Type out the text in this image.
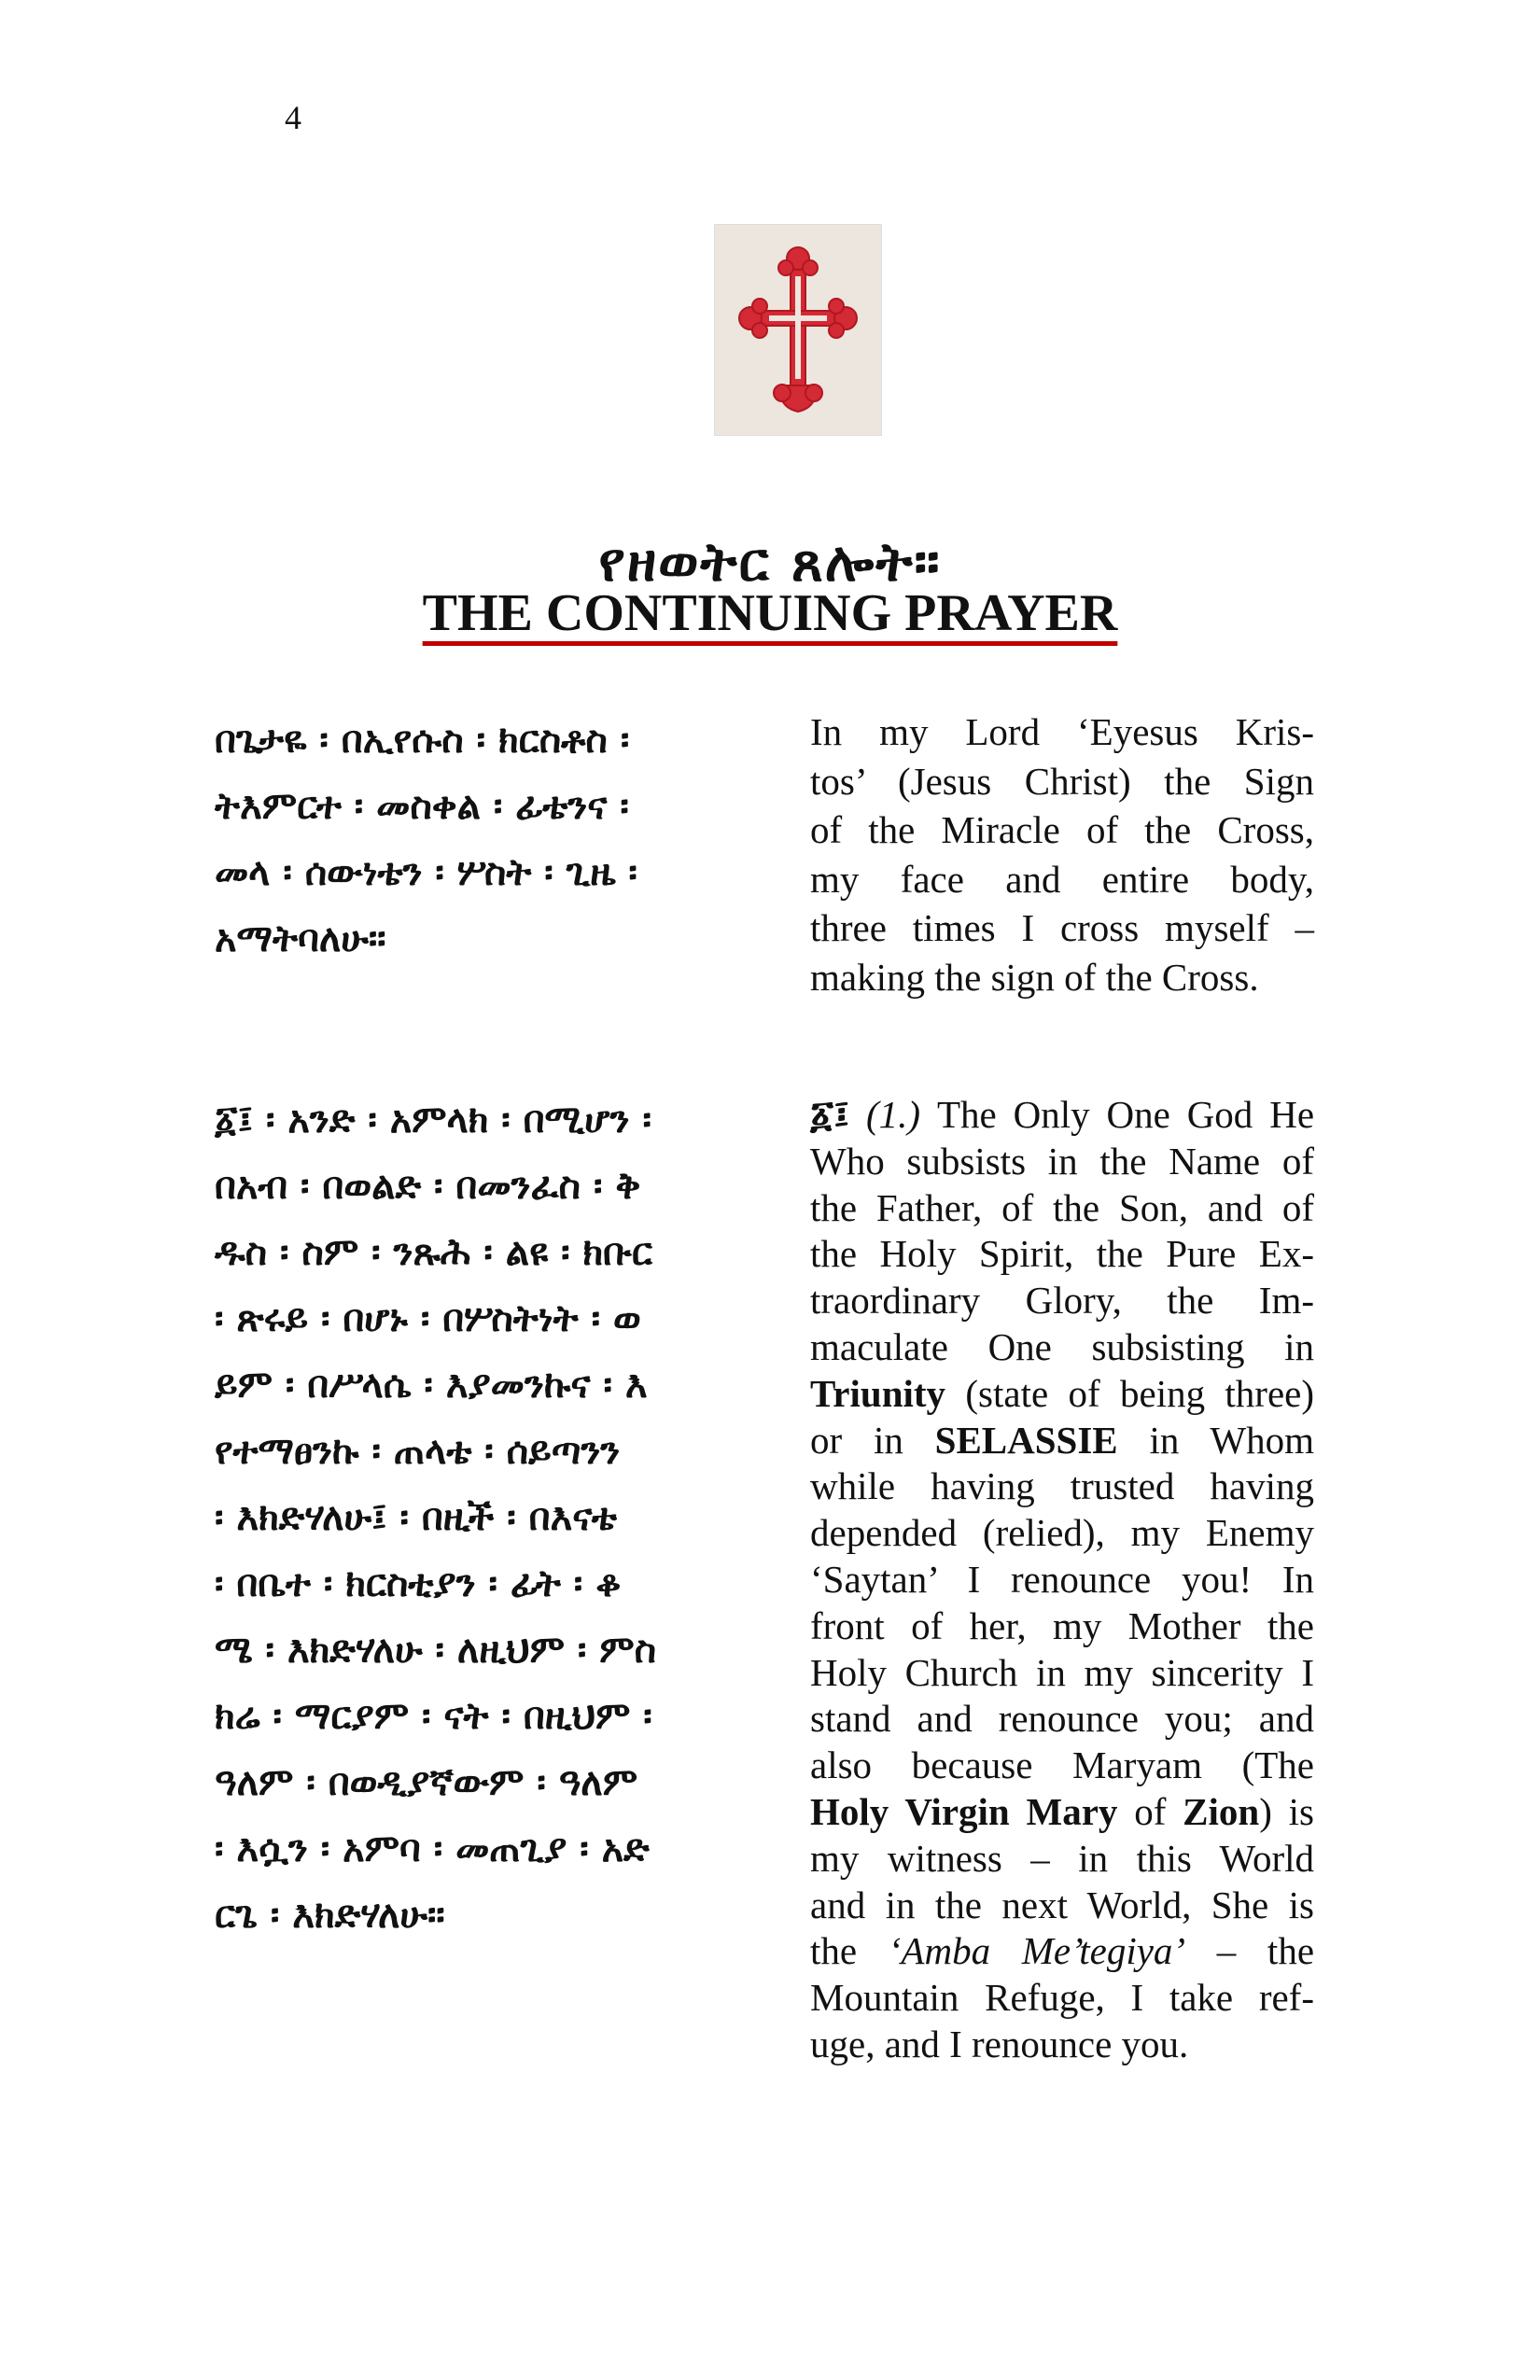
4
የዘወትር ጸሎት።
THE CONTINUING PRAYER
በጌታዬ ፡ በኢየሱስ ፡ ክርስቶስ ፡
ትእምርተ ፡ መስቀል ፡ ፊቴንና ፡
መላ ፡ ሰውነቴን ፡ ሦስት ፡ ጊዜ ፡
አማትባለሁ።
In my Lord ‘Eyesus Kris-
tos’ (Jesus Christ) the Sign
of the Miracle of the Cross,
my face and entire body,
three times I cross myself –
making the sign of the Cross.
፩፤ ፡ አንድ ፡ አምላክ ፡ በሚሆን ፡
በአብ ፡ በወልድ ፡ በመንፈስ ፡ ቅ
ዱስ ፡ ስም ፡ ንጹሕ ፡ ልዩ ፡ ክቡር
፡ ጽሩይ ፡ በሆኑ ፡ በሦስትነት ፡ ወ
ይም ፡ በሥላሴ ፡ እያመንኩና ፡ እ
የተማፀንኩ ፡ ጠላቴ ፡ ሰይጣንን
፡ እክድሃለሁ፤ ፡ በዚች ፡ በእናቴ
፡ በቤተ ፡ ክርስቲያን ፡ ፊት ፡ ቆ
ሜ ፡ እክድሃለሁ ፡ ለዚህም ፡ ምስ
ክሬ ፡ ማርያም ፡ ናት ፡ በዚህም ፡
ዓለም ፡ በወዲያኛውም ፡ ዓለም
፡ እሷን ፡ አምባ ፡ መጠጊያ ፡ አድ
ርጌ ፡ እክድሃለሁ።
፩፤ (1.) The Only One God He
Who subsists in the Name of
the Father, of the Son, and of
the Holy Spirit, the Pure Ex-
traordinary Glory, the Im-
maculate One subsisting in
Triunity (state of being three)
or in SELASSIE in Whom
while having trusted having
depended (relied), my Enemy
‘Saytan’ I renounce you! In
front of her, my Mother the
Holy Church in my sincerity I
stand and renounce you; and
also because Maryam (The
Holy Virgin Mary of Zion) is
my witness – in this World
and in the next World, She is
the ‘Amba Me’tegiya’ – the
Mountain Refuge, I take ref-
uge, and I renounce you.
